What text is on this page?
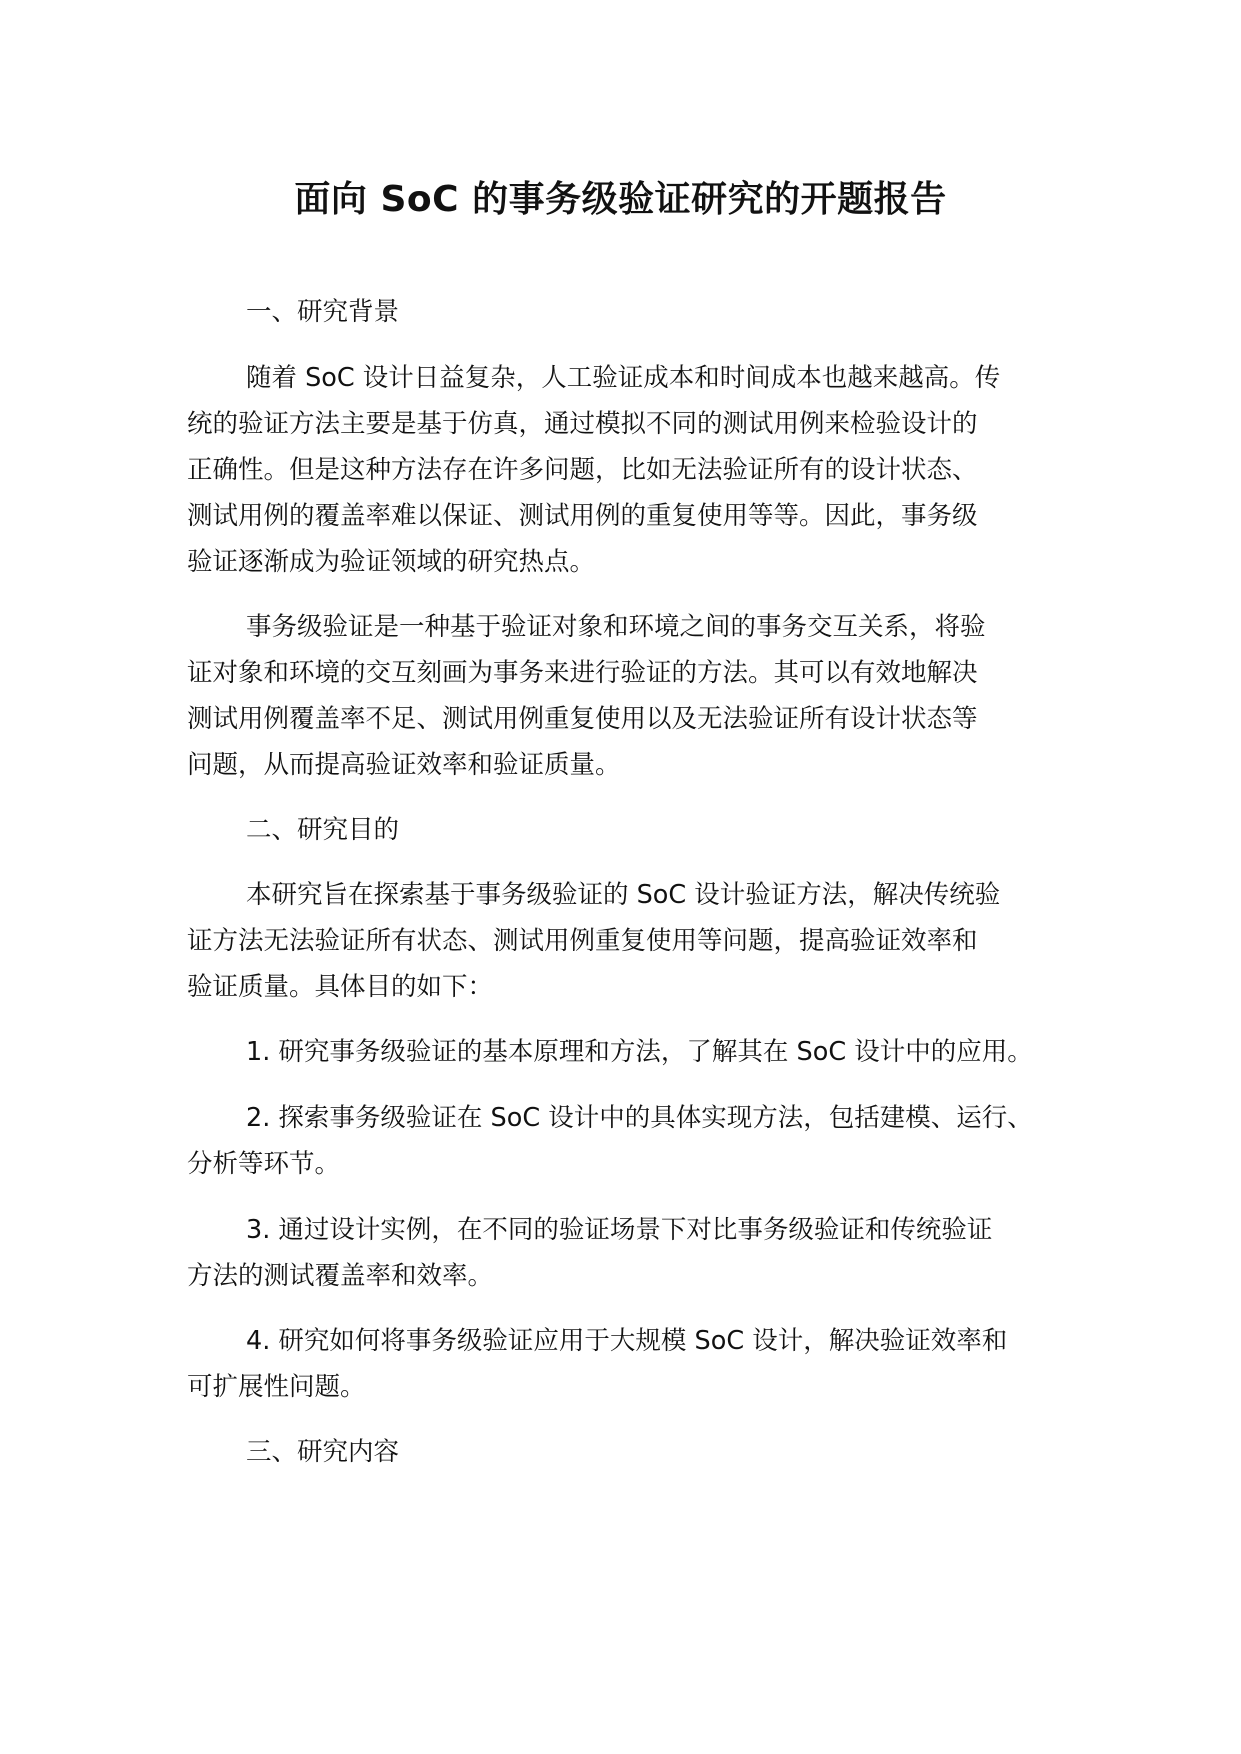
面向 SoC 的事务级验证研究的开题报告

一、研究背景

随着 SoC 设计日益复杂，人工验证成本和时间成本也越来越高。传

统的验证方法主要是基于仿真，通过模拟不同的测试用例来检验设计的

正确性。但是这种方法存在许多问题，比如无法验证所有的设计状态、

测试用例的覆盖率难以保证、测试用例的重复使用等等。因此，事务级

验证逐渐成为验证领域的研究热点。

事务级验证是一种基于验证对象和环境之间的事务交互关系，将验

证对象和环境的交互刻画为事务来进行验证的方法。其可以有效地解决

测试用例覆盖率不足、测试用例重复使用以及无法验证所有设计状态等

问题，从而提高验证效率和验证质量。

二、研究目的

本研究旨在探索基于事务级验证的 SoC 设计验证方法，解决传统验

证方法无法验证所有状态、测试用例重复使用等问题，提高验证效率和

验证质量。具体目的如下：

1. 研究事务级验证的基本原理和方法，了解其在 SoC 设计中的应用。

2. 探索事务级验证在 SoC 设计中的具体实现方法，包括建模、运行、

分析等环节。

3. 通过设计实例，在不同的验证场景下对比事务级验证和传统验证

方法的测试覆盖率和效率。

4. 研究如何将事务级验证应用于大规模 SoC 设计，解决验证效率和

可扩展性问题。

三、研究内容
